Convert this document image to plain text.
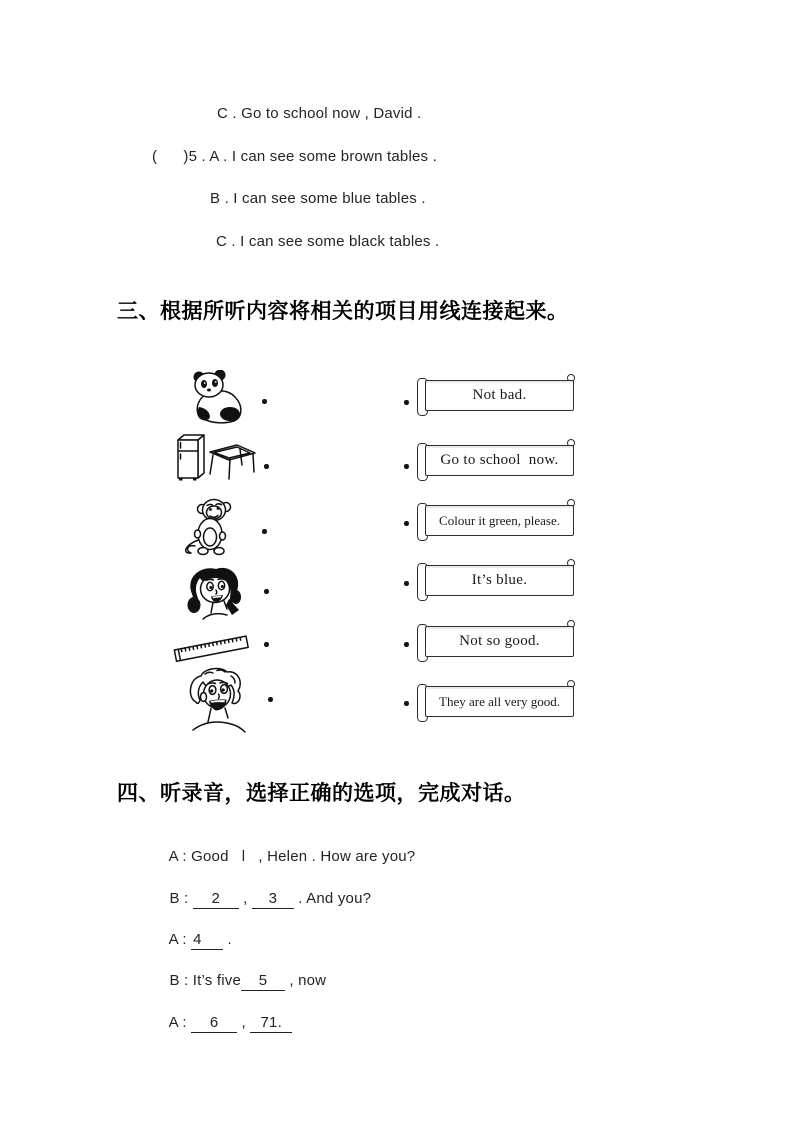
C . Go to school now , David .
(      )5 . A . I can see some brown tables .
B . I can see some blue tables .
C . I can see some black tables .
三、根据所听内容将相关的项目用线连接起来。
Not bad.
Go to school  now.
Colour it green, please.
It’s blue.
Not so good.
They are all very good.
四、听录音，选择正确的选项，完成对话。

A : Good   l   , Helen . How are you?

B : 2 , 3 . And you?

A : 4 .

B : It’s five 5 , now

A : 6 , 71.
